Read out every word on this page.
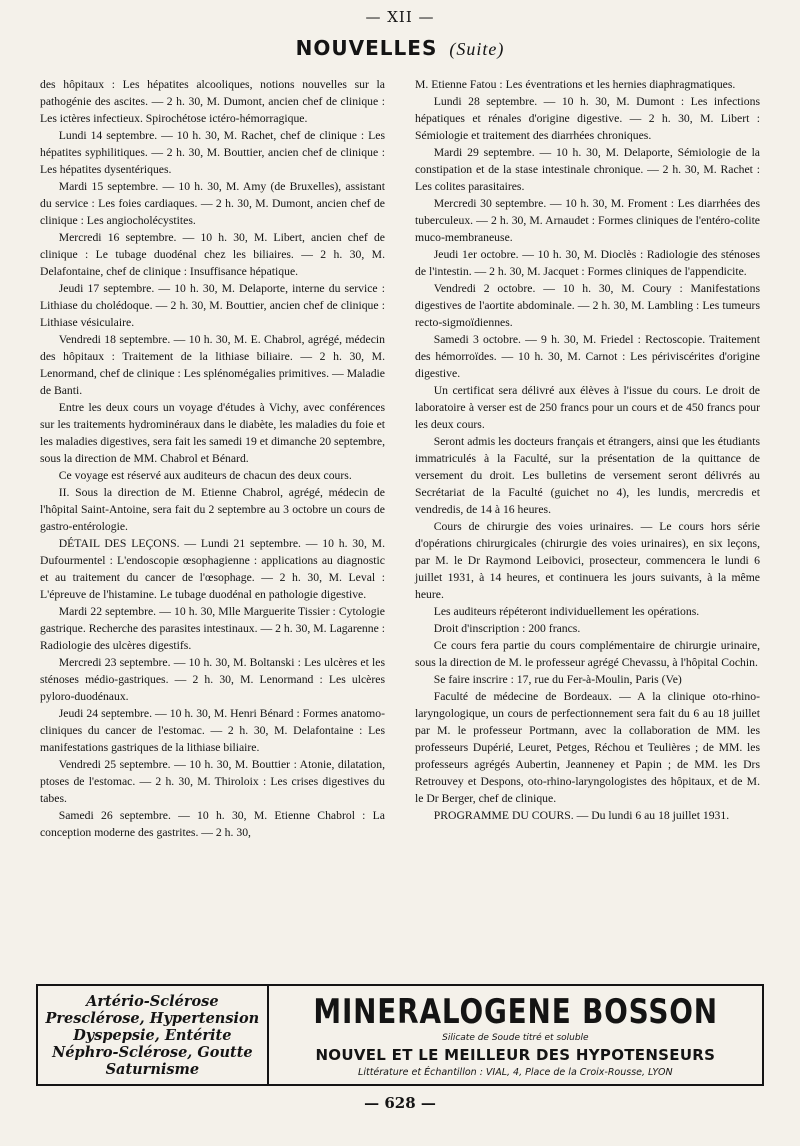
— XII —
NOUVELLES (Suite)

des hôpitaux : Les hépatites alcooliques, notions nouvelles sur la pathogénie des ascites. — 2 h. 30, M. Dumont, ancien chef de clinique : Les ictères infectieux. Spirochétose ictéro-hémorragique.

Lundi 14 septembre. — 10 h. 30, M. Rachet, chef de clinique : Les hépatites syphilitiques. — 2 h. 30, M. Bouttier, ancien chef de clinique : Les hépatites dysentériques.

Mardi 15 septembre. — 10 h. 30, M. Amy (de Bruxelles), assistant du service : Les foies cardiaques. — 2 h. 30, M. Dumont, ancien chef de clinique : Les angiocholécystites.

Mercredi 16 septembre. — 10 h. 30, M. Libert, ancien chef de clinique : Le tubage duodénal chez les biliaires. — 2 h. 30, M. Delafontaine, chef de clinique : Insuffisance hépatique.

Jeudi 17 septembre. — 10 h. 30, M. Delaporte, interne du service : Lithiase du cholédoque. — 2 h. 30, M. Bouttier, ancien chef de clinique : Lithiase vésiculaire.

Vendredi 18 septembre. — 10 h. 30, M. E. Chabrol, agrégé, médecin des hôpitaux : Traitement de la lithiase biliaire. — 2 h. 30, M. Lenormand, chef de clinique : Les splénomégalies primitives. — Maladie de Banti.

Entre les deux cours un voyage d'études à Vichy, avec conférences sur les traitements hydrominéraux dans le diabète, les maladies du foie et les maladies digestives, sera fait les samedi 19 et dimanche 20 septembre, sous la direction de MM. Chabrol et Bénard.

Ce voyage est réservé aux auditeurs de chacun des deux cours.

II. Sous la direction de M. Etienne Chabrol, agrégé, médecin de l'hôpital Saint-Antoine, sera fait du 2 septembre au 3 octobre un cours de gastro-entérologie.

DÉTAIL DES LEÇONS. — Lundi 21 septembre. — 10 h. 30, M. Dufourmentel : L'endoscopie œsophagienne : applications au diagnostic et au traitement du cancer de l'œsophage. — 2 h. 30, M. Leval : L'épreuve de l'histamine. Le tubage duodénal en pathologie digestive.

Mardi 22 septembre. — 10 h. 30, Mlle Marguerite Tissier : Cytologie gastrique. Recherche des parasites intestinaux. — 2 h. 30, M. Lagarenne : Radiologie des ulcères digestifs.

Mercredi 23 septembre. — 10 h. 30, M. Boltanski : Les ulcères et les sténoses médio-gastriques. — 2 h. 30, M. Lenormand : Les ulcères pyloro-duodénaux.

Jeudi 24 septembre. — 10 h. 30, M. Henri Bénard : Formes anatomo-cliniques du cancer de l'estomac. — 2 h. 30, M. Delafontaine : Les manifestations gastriques de la lithiase biliaire.

Vendredi 25 septembre. — 10 h. 30, M. Bouttier : Atonie, dilatation, ptoses de l'estomac. — 2 h. 30, M. Thiroloix : Les crises digestives du tabes.

Samedi 26 septembre. — 10 h. 30, M. Etienne Chabrol : La conception moderne des gastrites. — 2 h. 30,

M. Etienne Fatou : Les éventrations et les hernies diaphragmatiques.

Lundi 28 septembre. — 10 h. 30, M. Dumont : Les infections hépatiques et rénales d'origine digestive. — 2 h. 30, M. Libert : Sémiologie et traitement des diarrhées chroniques.

Mardi 29 septembre. — 10 h. 30, M. Delaporte, Sémiologie de la constipation et de la stase intestinale chronique. — 2 h. 30, M. Rachet : Les colites parasitaires.

Mercredi 30 septembre. — 10 h. 30, M. Froment : Les diarrhées des tuberculeux. — 2 h. 30, M. Arnaudet : Formes cliniques de l'entéro-colite muco-membraneuse.

Jeudi 1er octobre. — 10 h. 30, M. Dioclès : Radiologie des sténoses de l'intestin. — 2 h. 30, M. Jacquet : Formes cliniques de l'appendicite.

Vendredi 2 octobre. — 10 h. 30, M. Coury : Manifestations digestives de l'aortite abdominale. — 2 h. 30, M. Lambling : Les tumeurs recto-sigmoïdiennes.

Samedi 3 octobre. — 9 h. 30, M. Friedel : Rectoscopie. Traitement des hémorroïdes. — 10 h. 30, M. Carnot : Les périviscérites d'origine digestive.

Un certificat sera délivré aux élèves à l'issue du cours. Le droit de laboratoire à verser est de 250 francs pour un cours et de 450 francs pour les deux cours.

Seront admis les docteurs français et étrangers, ainsi que les étudiants immatriculés à la Faculté, sur la présentation de la quittance de versement du droit. Les bulletins de versement seront délivrés au Secrétariat de la Faculté (guichet no 4), les lundis, mercredis et vendredis, de 14 à 16 heures.

Cours de chirurgie des voies urinaires. — Le cours hors série d'opérations chirurgicales (chirurgie des voies urinaires), en six leçons, par M. le Dr Raymond Leibovici, prosecteur, commencera le lundi 6 juillet 1931, à 14 heures, et continuera les jours suivants, à la même heure.

Les auditeurs répéteront individuellement les opérations.

Droit d'inscription : 200 francs.

Ce cours fera partie du cours complémentaire de chirurgie urinaire, sous la direction de M. le professeur agrégé Chevassu, à l'hôpital Cochin.

Se faire inscrire : 17, rue du Fer-à-Moulin, Paris (Ve)

Faculté de médecine de Bordeaux. — A la clinique oto-rhino-laryngologique, un cours de perfectionnement sera fait du 6 au 18 juillet par M. le professeur Portmann, avec la collaboration de MM. les professeurs Dupérié, Leuret, Petges, Réchou et Teulières ; de MM. les professeurs agrégés Aubertin, Jeanneney et Papin ; de MM. les Drs Retrouvey et Despons, oto-rhino-laryngologistes des hôpitaux, et de M. le Dr Berger, chef de clinique.

PROGRAMME DU COURS. — Du lundi 6 au 18 juillet 1931.

Artério-Sclérose
Presclérose, Hypertension
Dyspepsie, Entérite
Néphro-Sclérose, Goutte
Saturnisme
MINERALOGENE BOSSON
Silicate de Soude titré et soluble
NOUVEL ET LE MEILLEUR DES HYPOTENSEURS
Littérature et Échantillon : VIAL, 4, Place de la Croix-Rousse, LYON
— 628 —
